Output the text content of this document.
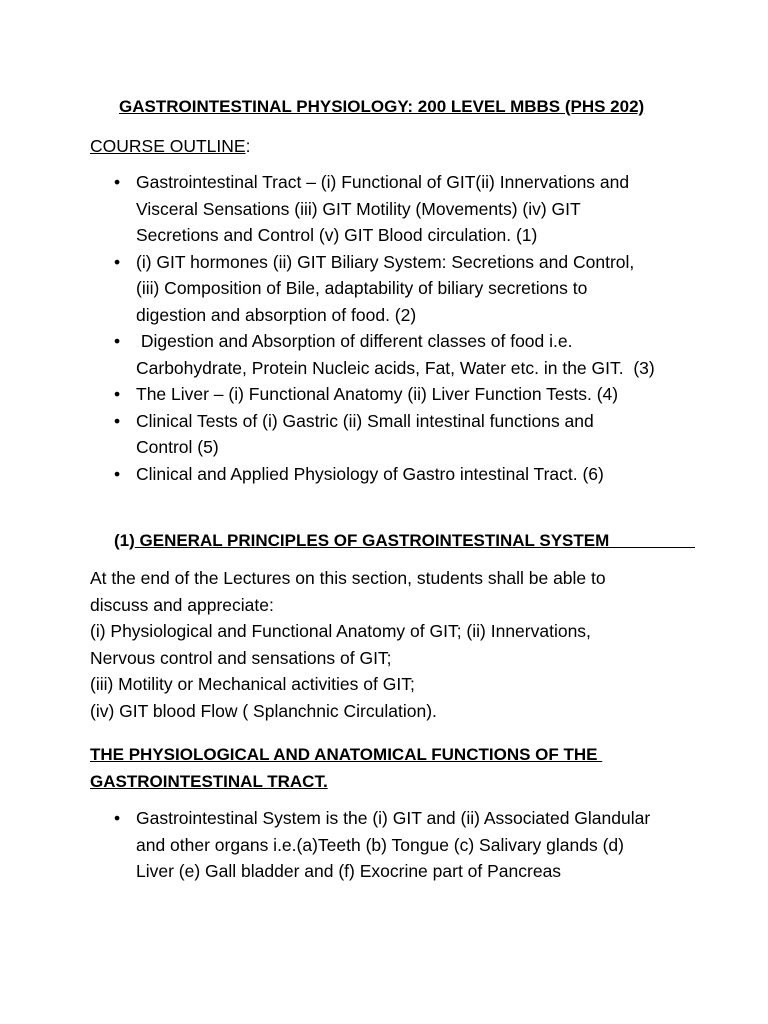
GASTROINTESTINAL PHYSIOLOGY: 200 LEVEL MBBS (PHS 202)
COURSE OUTLINE:
• Gastrointestinal Tract – (i) Functional of GIT(ii) Innervations and
Visceral Sensations (iii) GIT Motility (Movements) (iv) GIT
Secretions and Control (v) GIT Blood circulation. (1)
• (i) GIT hormones (ii) GIT Biliary System: Secretions and Control,
(iii) Composition of Bile, adaptability of biliary secretions to
digestion and absorption of food. (2)
• Digestion and Absorption of different classes of food i.e.
Carbohydrate, Protein Nucleic acids, Fat, Water etc. in the GIT.  (3)
• The Liver – (i) Functional Anatomy (ii) Liver Function Tests. (4)
• Clinical Tests of (i) Gastric (ii) Small intestinal functions and
Control (5)
• Clinical and Applied Physiology of Gastro intestinal Tract. (6)
(1) GENERAL PRINCIPLES OF GASTROINTESTINAL SYSTEM
At the end of the Lectures on this section, students shall be able to
discuss and appreciate:
(i) Physiological and Functional Anatomy of GIT; (ii) Innervations,
Nervous control and sensations of GIT;
(iii) Motility or Mechanical activities of GIT;
(iv) GIT blood Flow ( Splanchnic Circulation).
THE PHYSIOLOGICAL AND ANATOMICAL FUNCTIONS OF THE
GASTROINTESTINAL TRACT.
• Gastrointestinal System is the (i) GIT and (ii) Associated Glandular
and other organs i.e.(a)Teeth (b) Tongue (c) Salivary glands (d)
Liver (e) Gall bladder and (f) Exocrine part of Pancreas
